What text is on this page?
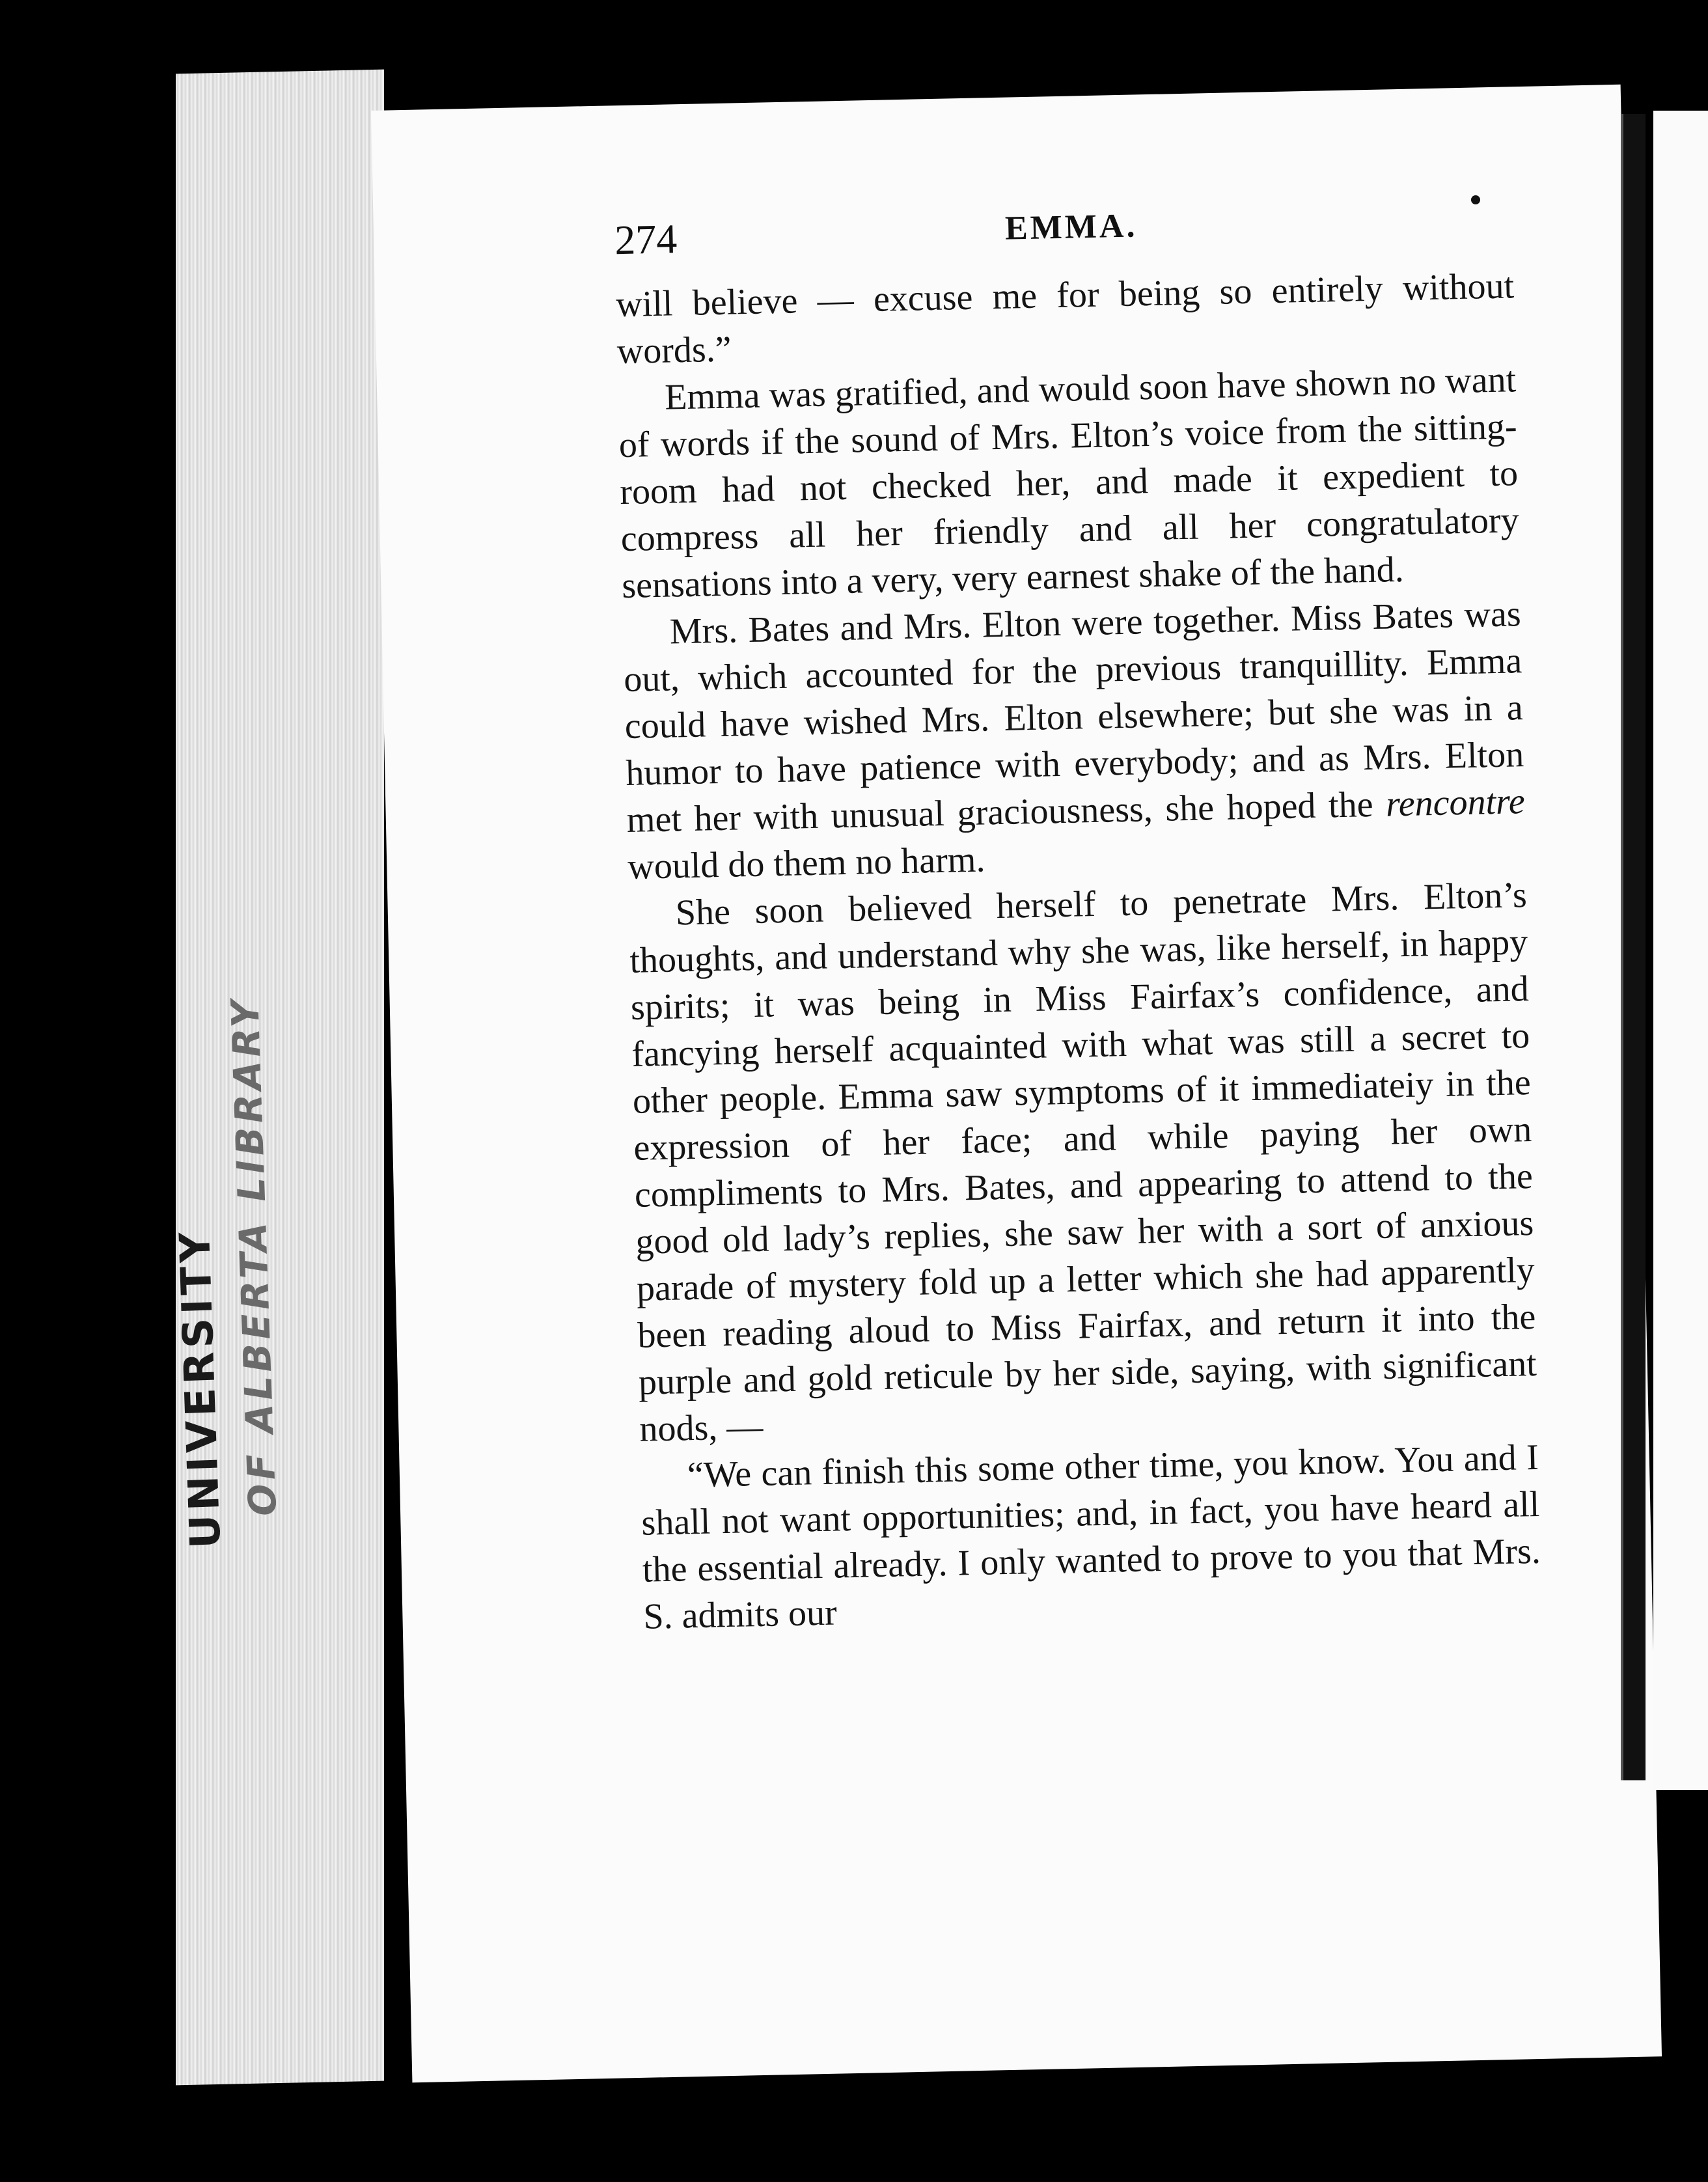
UNIVERSITY
OF ALBERTA LIBRARY
274	EMMA.

will believe — excuse me for being so entirely without words.”

Emma was gratified, and would soon have shown no want of words if the sound of Mrs. Elton’s voice from the sitting-room had not checked her, and made it expedient to compress all her friendly and all her congratulatory sensations into a very, very earnest shake of the hand.

Mrs. Bates and Mrs. Elton were together. Miss Bates was out, which accounted for the previous tranquillity. Emma could have wished Mrs. Elton elsewhere; but she was in a humor to have patience with everybody; and as Mrs. Elton met her with unusual graciousness, she hoped the rencontre would do them no harm.

She soon believed herself to penetrate Mrs. Elton’s thoughts, and understand why she was, like herself, in happy spirits; it was being in Miss Fairfax’s confidence, and fancying herself acquainted with what was still a secret to other people. Emma saw symptoms of it immediateiy in the expression of her face; and while paying her own compliments to Mrs. Bates, and appearing to attend to the good old lady’s replies, she saw her with a sort of anxious parade of mystery fold up a letter which she had apparently been reading aloud to Miss Fairfax, and return it into the purple and gold reticule by her side, saying, with significant nods, —

“We can finish this some other time, you know. You and I shall not want opportunities; and, in fact, you have heard all the essential already. I only wanted to prove to you that Mrs. S. admits our
